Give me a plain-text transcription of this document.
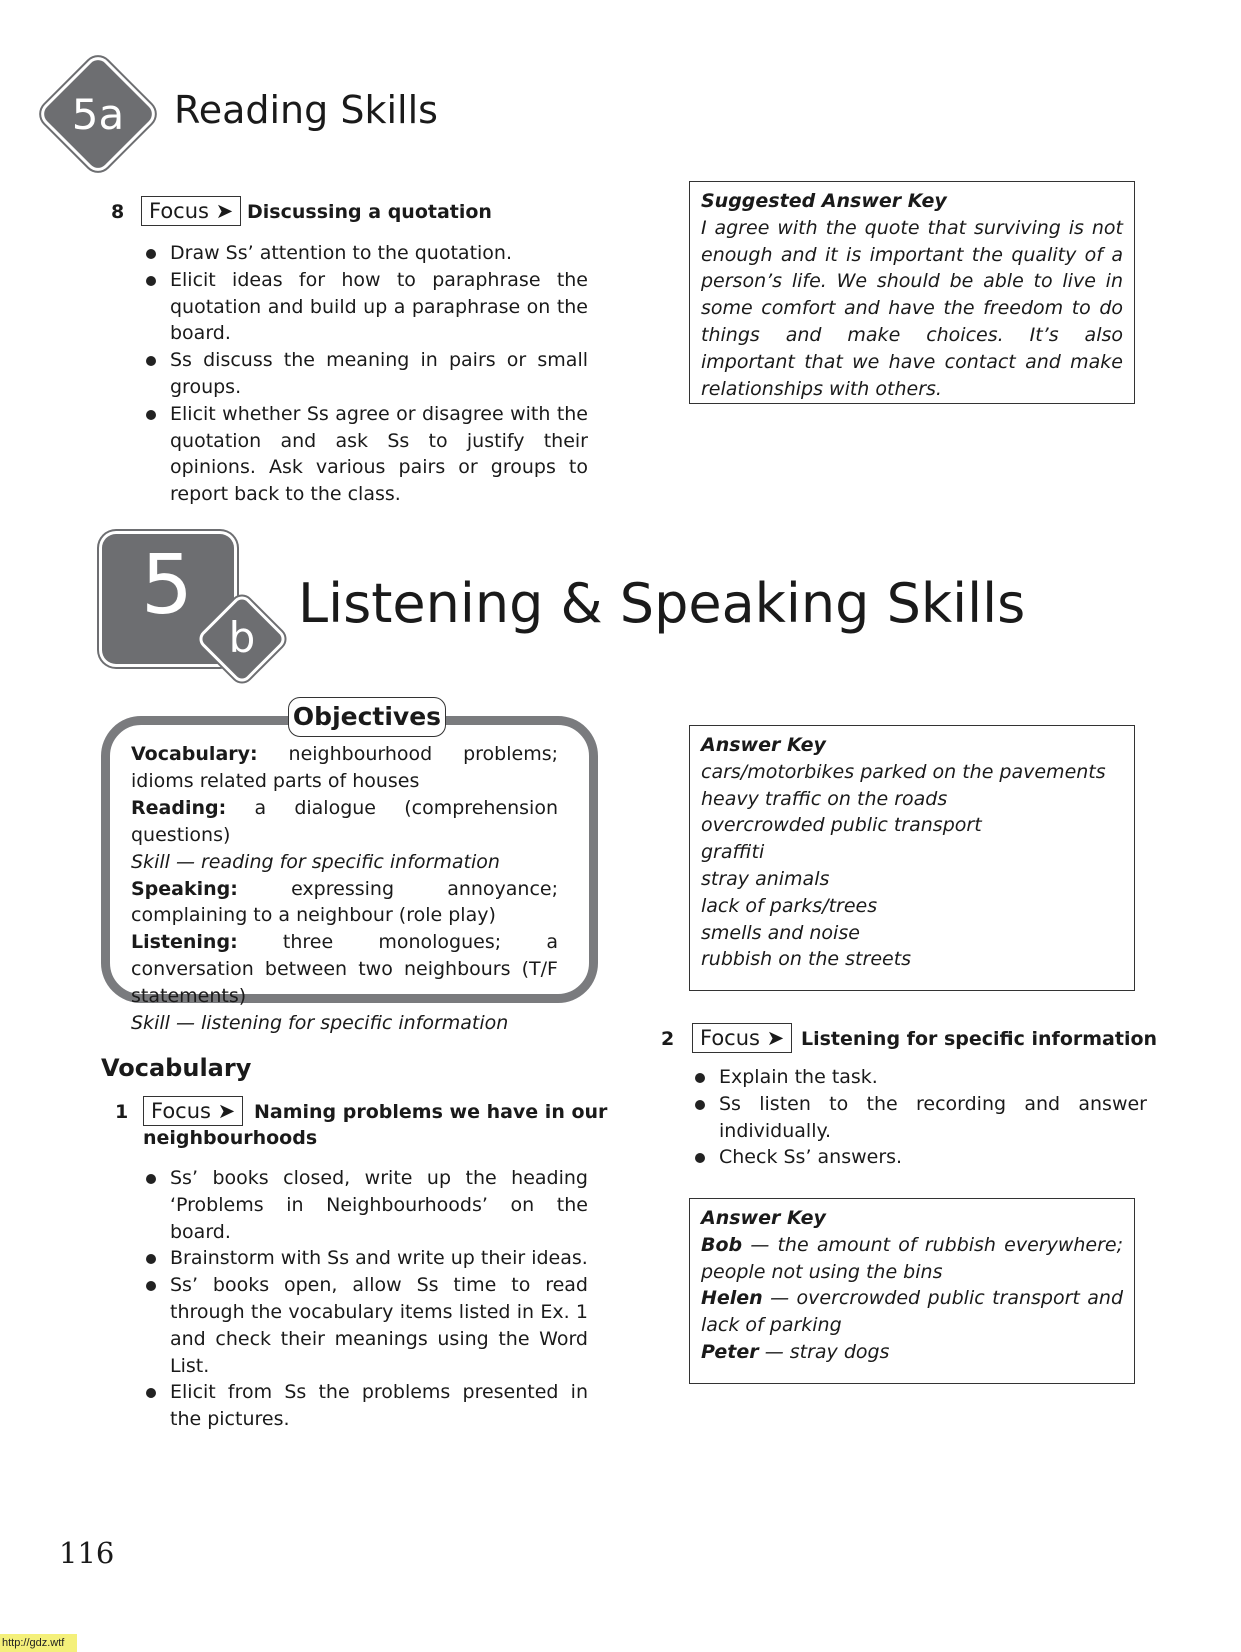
5a	Reading Skills
8	Focus ➤ Discussing a quotation
Draw Ss’ attention to the quotation.
Elicit ideas for how to paraphrase the quotation and build up a paraphrase on the board.
Ss discuss the meaning in pairs or small groups.
Elicit whether Ss agree or disagree with the quotation and ask Ss to justify their opinions. Ask various pairs or groups to report back to the class.
Suggested Answer Key
I agree with the quote that surviving is not enough and it is important the quality of a person’s life. We should be able to live in some comfort and have the freedom to do things and make choices. It’s also important that we have contact and make relationships with others.
5
b
Listening & Speaking Skills
Objectives
Vocabulary: neighbourhood problems; idioms related parts of houses
Reading: a dialogue (comprehension questions)
Skill — reading for specific information
Speaking:	expressing annoyance; complaining to a neighbour (role play)
Listening: three monologues; a conversation between two neighbours (T/F statements)
Skill — listening for specific information
Vocabulary
1	Focus ➤ Naming problems we have in our
neighbourhoods
Ss’ books closed, write up the heading ‘Problems in Neighbourhoods’ on the board.
Brainstorm with Ss and write up their ideas.
Ss’ books open, allow Ss time to read through the vocabulary items listed in Ex. 1 and check their meanings using the Word List.
Elicit from Ss the problems presented in the pictures.
Answer Key
cars/motorbikes parked on the pavements
heavy traffic on the roads
overcrowded public transport
graffiti
stray animals
lack of parks/trees
smells and noise
rubbish on the streets
2	Focus ➤ Listening for specific information
Explain the task.
Ss listen to the recording and answer individually.
Check Ss’ answers.
Answer Key
Bob — the amount of rubbish everywhere; people not using the bins
Helen — overcrowded public transport and lack of parking
Peter — stray dogs
116
http://gdz.wtf
